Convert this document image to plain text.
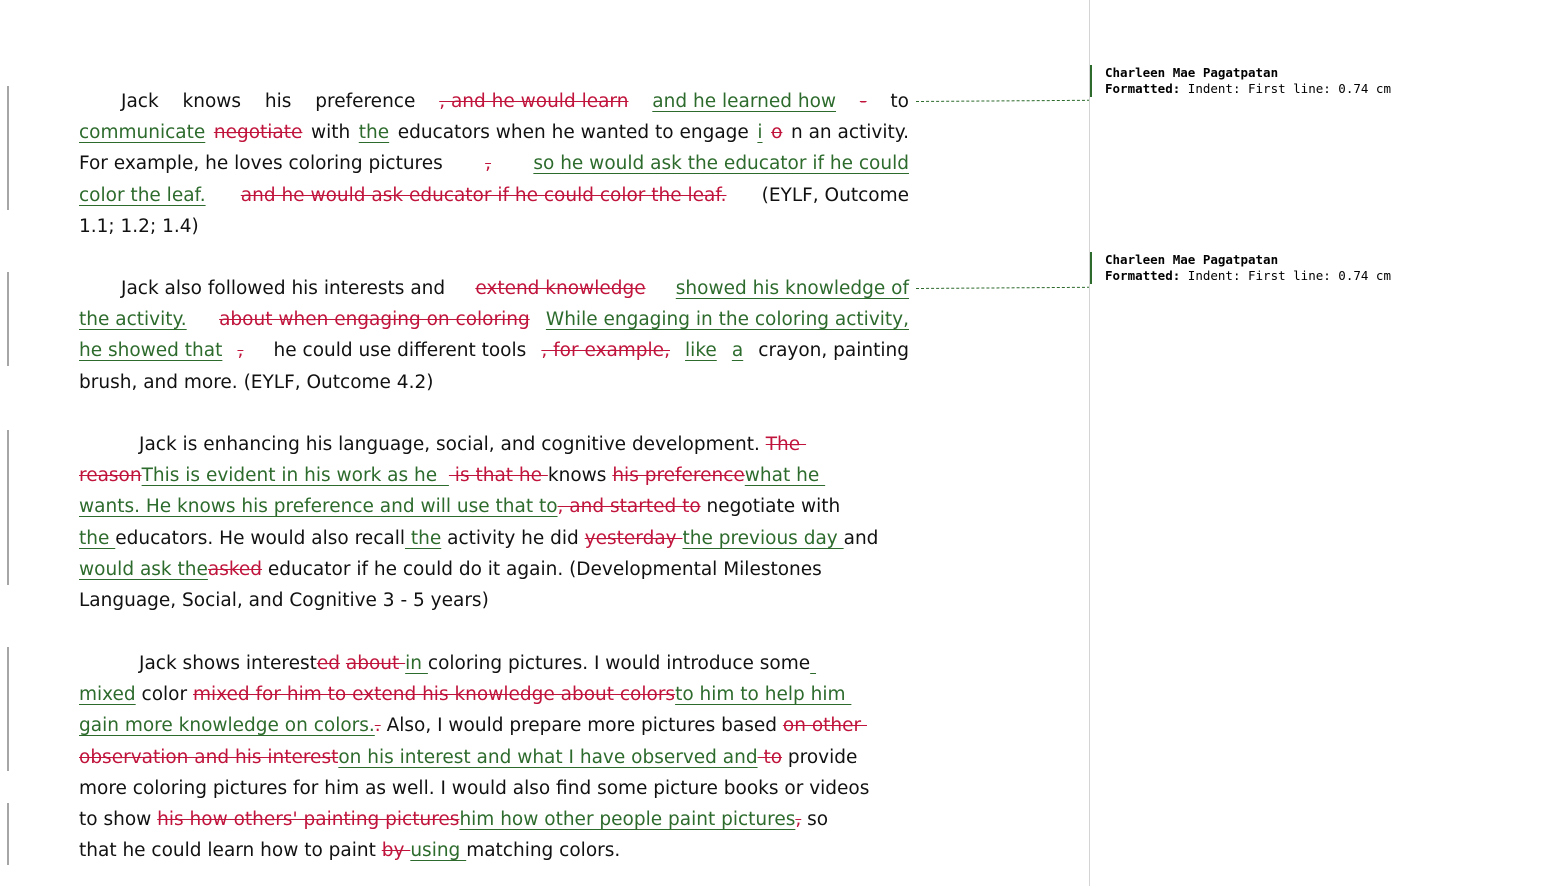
Jack knows his preference , and he would learn and he learned how - to
communicate negotiate with the educators when he wanted to engage i o n an activity.
For example, he loves coloring pictures , so he would ask the educator if he could
color the leaf. and he would ask educator if he could color the leaf. (EYLF, Outcome
1.1; 1.2; 1.4)
Jack also followed his interests and extend knowledge showed his knowledge of
the activity. about when engaging on coloring While engaging in the coloring activity,
he showed that , he could use different tools , for example, like a crayon, painting
brush, and more. (EYLF, Outcome 4.2)
Jack is enhancing his language, social, and cognitive development. The
reasonThis is evident in his work as he   is that he knows his preferencewhat he
wants. He knows his preference and will use that to, and started to negotiate with
the educators. He would also recall the activity he did yesterday the previous day and
would ask theasked educator if he could do it again. (Developmental Milestones
Language, Social, and Cognitive 3 - 5 years)
Jack shows interested about in coloring pictures. I would introduce some
mixed color mixed for him to extend his knowledge about colorsto him to help him
gain more knowledge on colors.. Also, I would prepare more pictures based on other
observation and his intereston his interest and what I have observed and to provide
more coloring pictures for him as well. I would also find some picture books or videos
to show his how others' painting pictureshim how other people paint pictures, so
that he could learn how to paint by using matching colors.
Charleen Mae Pagatpatan
Formatted: Indent: First line: 0.74 cm
Charleen Mae Pagatpatan
Formatted: Indent: First line: 0.74 cm
